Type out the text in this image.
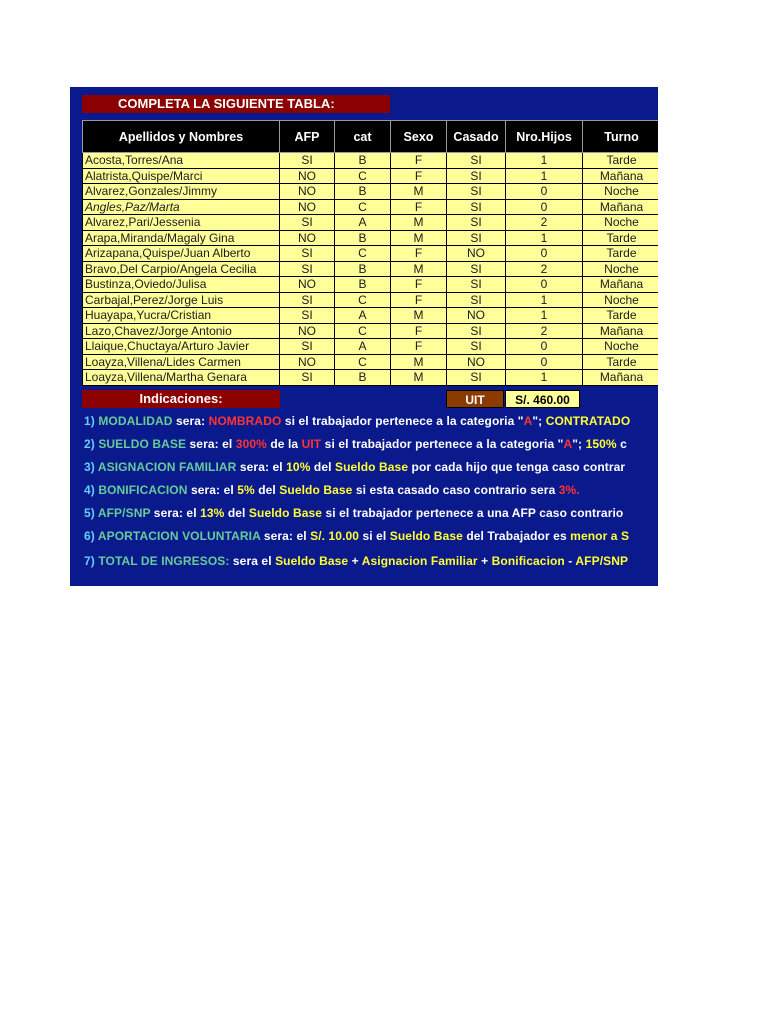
COMPLETA LA SIGUIENTE TABLA:
Apellidos y Nombres	AFP	cat	Sexo	Casado	Nro.Hijos	Turno
Acosta,Torres/Ana	SI	B	F	SI	1	Tarde
Alatrista,Quispe/Marci	NO	C	F	SI	1	Mañana
Alvarez,Gonzales/Jimmy	NO	B	M	SI	0	Noche
Angles,Paz/Marta	NO	C	F	SI	0	Mañana
Alvarez,Pari/Jessenia	SI	A	M	SI	2	Noche
Arapa,Miranda/Magaly Gina	NO	B	M	SI	1	Tarde
Arizapana,Quispe/Juan Alberto	SI	C	F	NO	0	Tarde
Bravo,Del Carpio/Angela Cecilia	SI	B	M	SI	2	Noche
Bustinza,Oviedo/Julisa	NO	B	F	SI	0	Mañana
Carbajal,Perez/Jorge Luis	SI	C	F	SI	1	Noche
Huayapa,Yucra/Cristian	SI	A	M	NO	1	Tarde
Lazo,Chavez/Jorge Antonio	NO	C	F	SI	2	Mañana
Llaique,Chuctaya/Arturo Javier	SI	A	F	SI	0	Noche
Loayza,Villena/Lides Carmen	NO	C	M	NO	0	Tarde
Loayza,Villena/Martha Genara	SI	B	M	SI	1	Mañana
Indicaciones:	UIT	S/. 460.00
1) MODALIDAD sera: NOMBRADO si el trabajador pertenece a la categoria "A"; CONTRATADO
2) SUELDO BASE sera: el 300% de la UIT si el trabajador pertenece a la categoria "A"; 150% c
3) ASIGNACION FAMILIAR sera: el 10% del Sueldo Base por cada hijo que tenga caso contrar
4) BONIFICACION sera: el 5% del Sueldo Base si esta casado caso contrario sera 3%.
5) AFP/SNP sera: el 13% del Sueldo Base si el trabajador pertenece a una AFP caso contrario
6) APORTACION VOLUNTARIA sera: el S/. 10.00 si el Sueldo Base del Trabajador es menor a S
7) TOTAL DE INGRESOS: sera el Sueldo Base + Asignacion Familiar + Bonificacion - AFP/SNP
